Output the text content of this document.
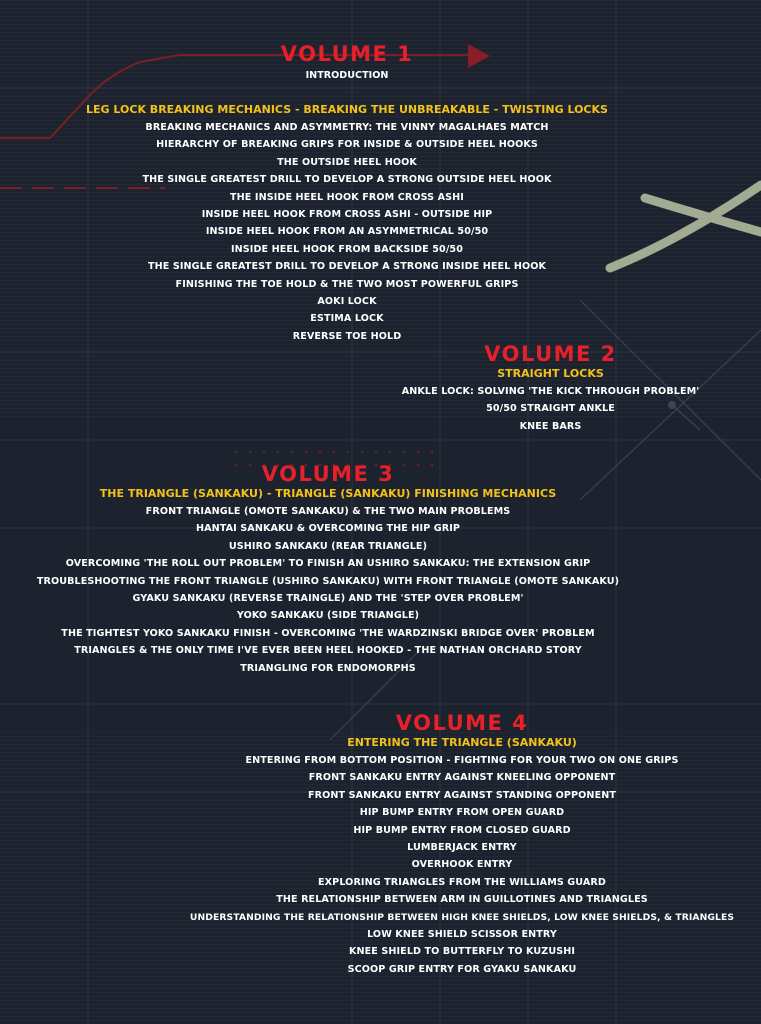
VOLUME 1
INTRODUCTION
LEG LOCK BREAKING MECHANICS - BREAKING THE UNBREAKABLE - TWISTING LOCKS
BREAKING MECHANICS AND ASYMMETRY: THE VINNY MAGALHAES MATCH
HIERARCHY OF BREAKING GRIPS FOR INSIDE & OUTSIDE HEEL HOOKS
THE OUTSIDE HEEL HOOK
THE SINGLE GREATEST DRILL TO DEVELOP A STRONG OUTSIDE HEEL HOOK
THE INSIDE HEEL HOOK FROM CROSS ASHI
INSIDE HEEL HOOK FROM CROSS ASHI - OUTSIDE HIP
INSIDE HEEL HOOK FROM AN ASYMMETRICAL 50/50
INSIDE HEEL HOOK FROM BACKSIDE 50/50
THE SINGLE GREATEST DRILL TO DEVELOP A STRONG INSIDE HEEL HOOK
FINISHING THE TOE HOLD & THE TWO MOST POWERFUL GRIPS
AOKI LOCK
ESTIMA LOCK
REVERSE TOE HOLD
VOLUME 2
STRAIGHT LOCKS
ANKLE LOCK: SOLVING 'THE KICK THROUGH PROBLEM'
50/50 STRAIGHT ANKLE
KNEE BARS
VOLUME 3
THE TRIANGLE (SANKAKU) - TRIANGLE (SANKAKU) FINISHING MECHANICS
FRONT TRIANGLE (OMOTE SANKAKU) & THE TWO MAIN PROBLEMS
HANTAI SANKAKU & OVERCOMING THE HIP GRIP
USHIRO SANKAKU (REAR TRIANGLE)
OVERCOMING 'THE ROLL OUT PROBLEM' TO FINISH AN USHIRO SANKAKU: THE EXTENSION GRIP
TROUBLESHOOTING THE FRONT TRIANGLE (USHIRO SANKAKU) WITH FRONT TRIANGLE (OMOTE SANKAKU)
GYAKU SANKAKU (REVERSE TRAINGLE) AND THE 'STEP OVER PROBLEM'
YOKO SANKAKU (SIDE TRIANGLE)
THE TIGHTEST YOKO SANKAKU FINISH - OVERCOMING 'THE WARDZINSKI BRIDGE OVER' PROBLEM
TRIANGLES & THE ONLY TIME I'VE EVER BEEN HEEL HOOKED - THE NATHAN ORCHARD STORY
TRIANGLING FOR ENDOMORPHS
VOLUME 4
ENTERING THE TRIANGLE (SANKAKU)
ENTERING FROM BOTTOM POSITION - FIGHTING FOR YOUR TWO ON ONE GRIPS
FRONT SANKAKU ENTRY AGAINST KNEELING OPPONENT
FRONT SANKAKU ENTRY AGAINST STANDING OPPONENT
HIP BUMP ENTRY FROM OPEN GUARD
HIP BUMP ENTRY FROM CLOSED GUARD
LUMBERJACK ENTRY
OVERHOOK ENTRY
EXPLORING TRIANGLES FROM THE WILLIAMS GUARD
THE RELATIONSHIP BETWEEN ARM IN GUILLOTINES AND TRIANGLES
UNDERSTANDING THE RELATIONSHIP BETWEEN HIGH KNEE SHIELDS, LOW KNEE SHIELDS, & TRIANGLES
LOW KNEE SHIELD SCISSOR ENTRY
KNEE SHIELD TO BUTTERFLY TO KUZUSHI
SCOOP GRIP ENTRY FOR GYAKU SANKAKU
